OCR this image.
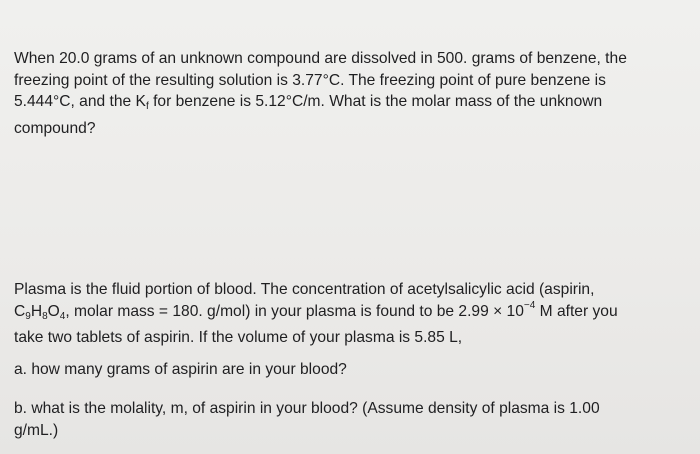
When 20.0 grams of an unknown compound are dissolved in 500. grams of benzene, the
freezing point of the resulting solution is 3.77°C. The freezing point of pure benzene is
5.444°C, and the $K_f$ for benzene is 5.12°C/m. What is the molar mass of the unknown
compound?
Plasma is the fluid portion of blood. The concentration of acetylsalicylic acid (aspirin,
$C_9H_8O_4$, molar mass = 180. g/mol) in your plasma is found to be $2.99 \times 10^{-4}$ M after you
take two tablets of aspirin. If the volume of your plasma is 5.85 L,
a. how many grams of aspirin are in your blood?
b. what is the molality, m, of aspirin in your blood? (Assume density of plasma is 1.00
g/mL.)
